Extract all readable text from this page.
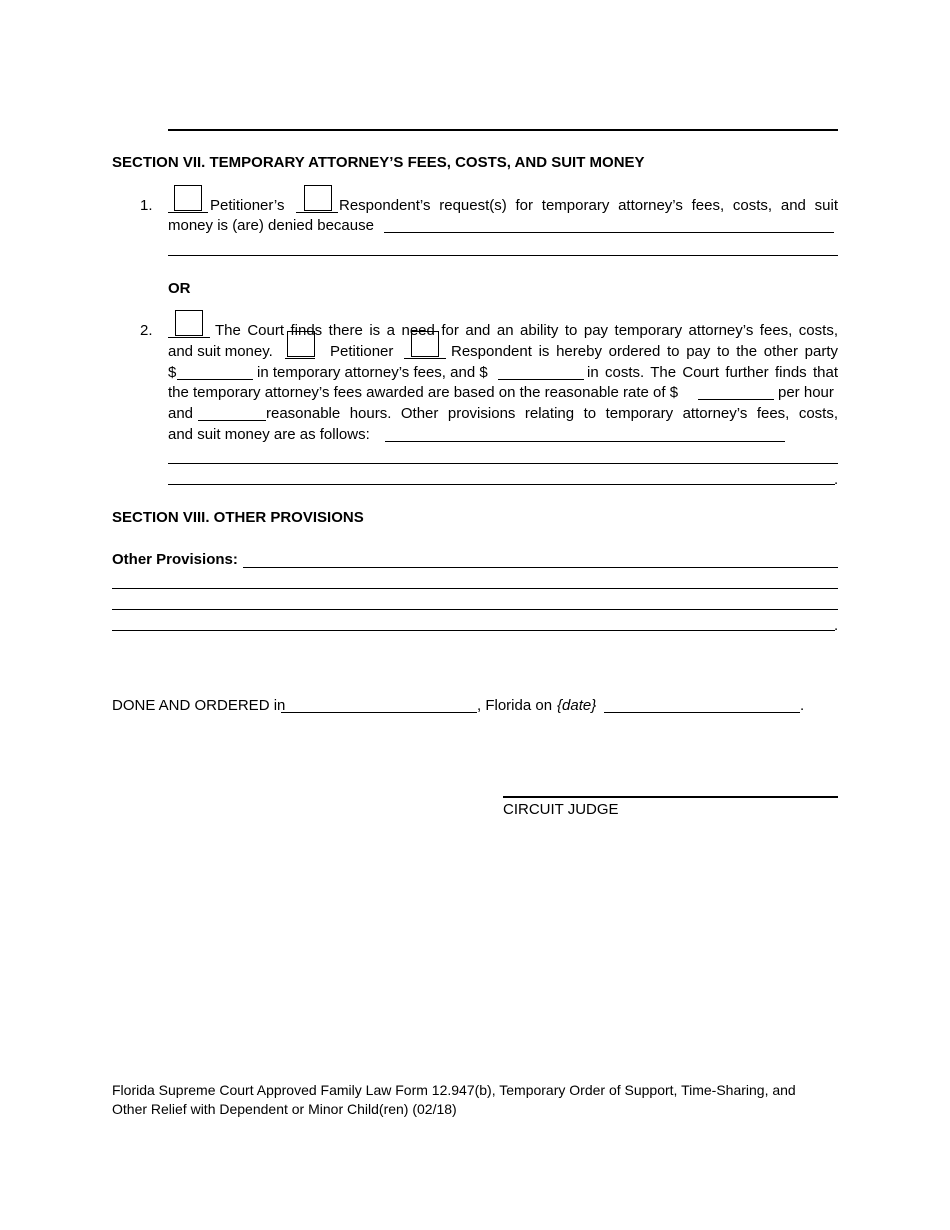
SECTION VII. TEMPORARY ATTORNEY’S FEES, COSTS, AND SUIT MONEY
1.	Petitioner’s	Respondent’s request(s) for temporary attorney’s fees, costs, and suit
money is (are) denied because
OR
2.	The Court finds there is a need for and an ability to pay temporary attorney’s fees, costs,
and suit money.	Petitioner	Respondent is hereby ordered to pay to the other party
$	in temporary attorney’s fees, and $	in costs. The Court further finds that
the temporary attorney’s fees awarded are based on the reasonable rate of $	per hour
and	reasonable hours. Other provisions relating to temporary attorney’s fees, costs,
and suit money are as follows:
.
SECTION VIII. OTHER PROVISIONS
Other Provisions:
.
DONE AND ORDERED in	, Florida on {date}	.
CIRCUIT JUDGE
Florida Supreme Court Approved Family Law Form 12.947(b), Temporary Order of Support, Time-Sharing, and
Other Relief with Dependent or Minor Child(ren) (02/18)
